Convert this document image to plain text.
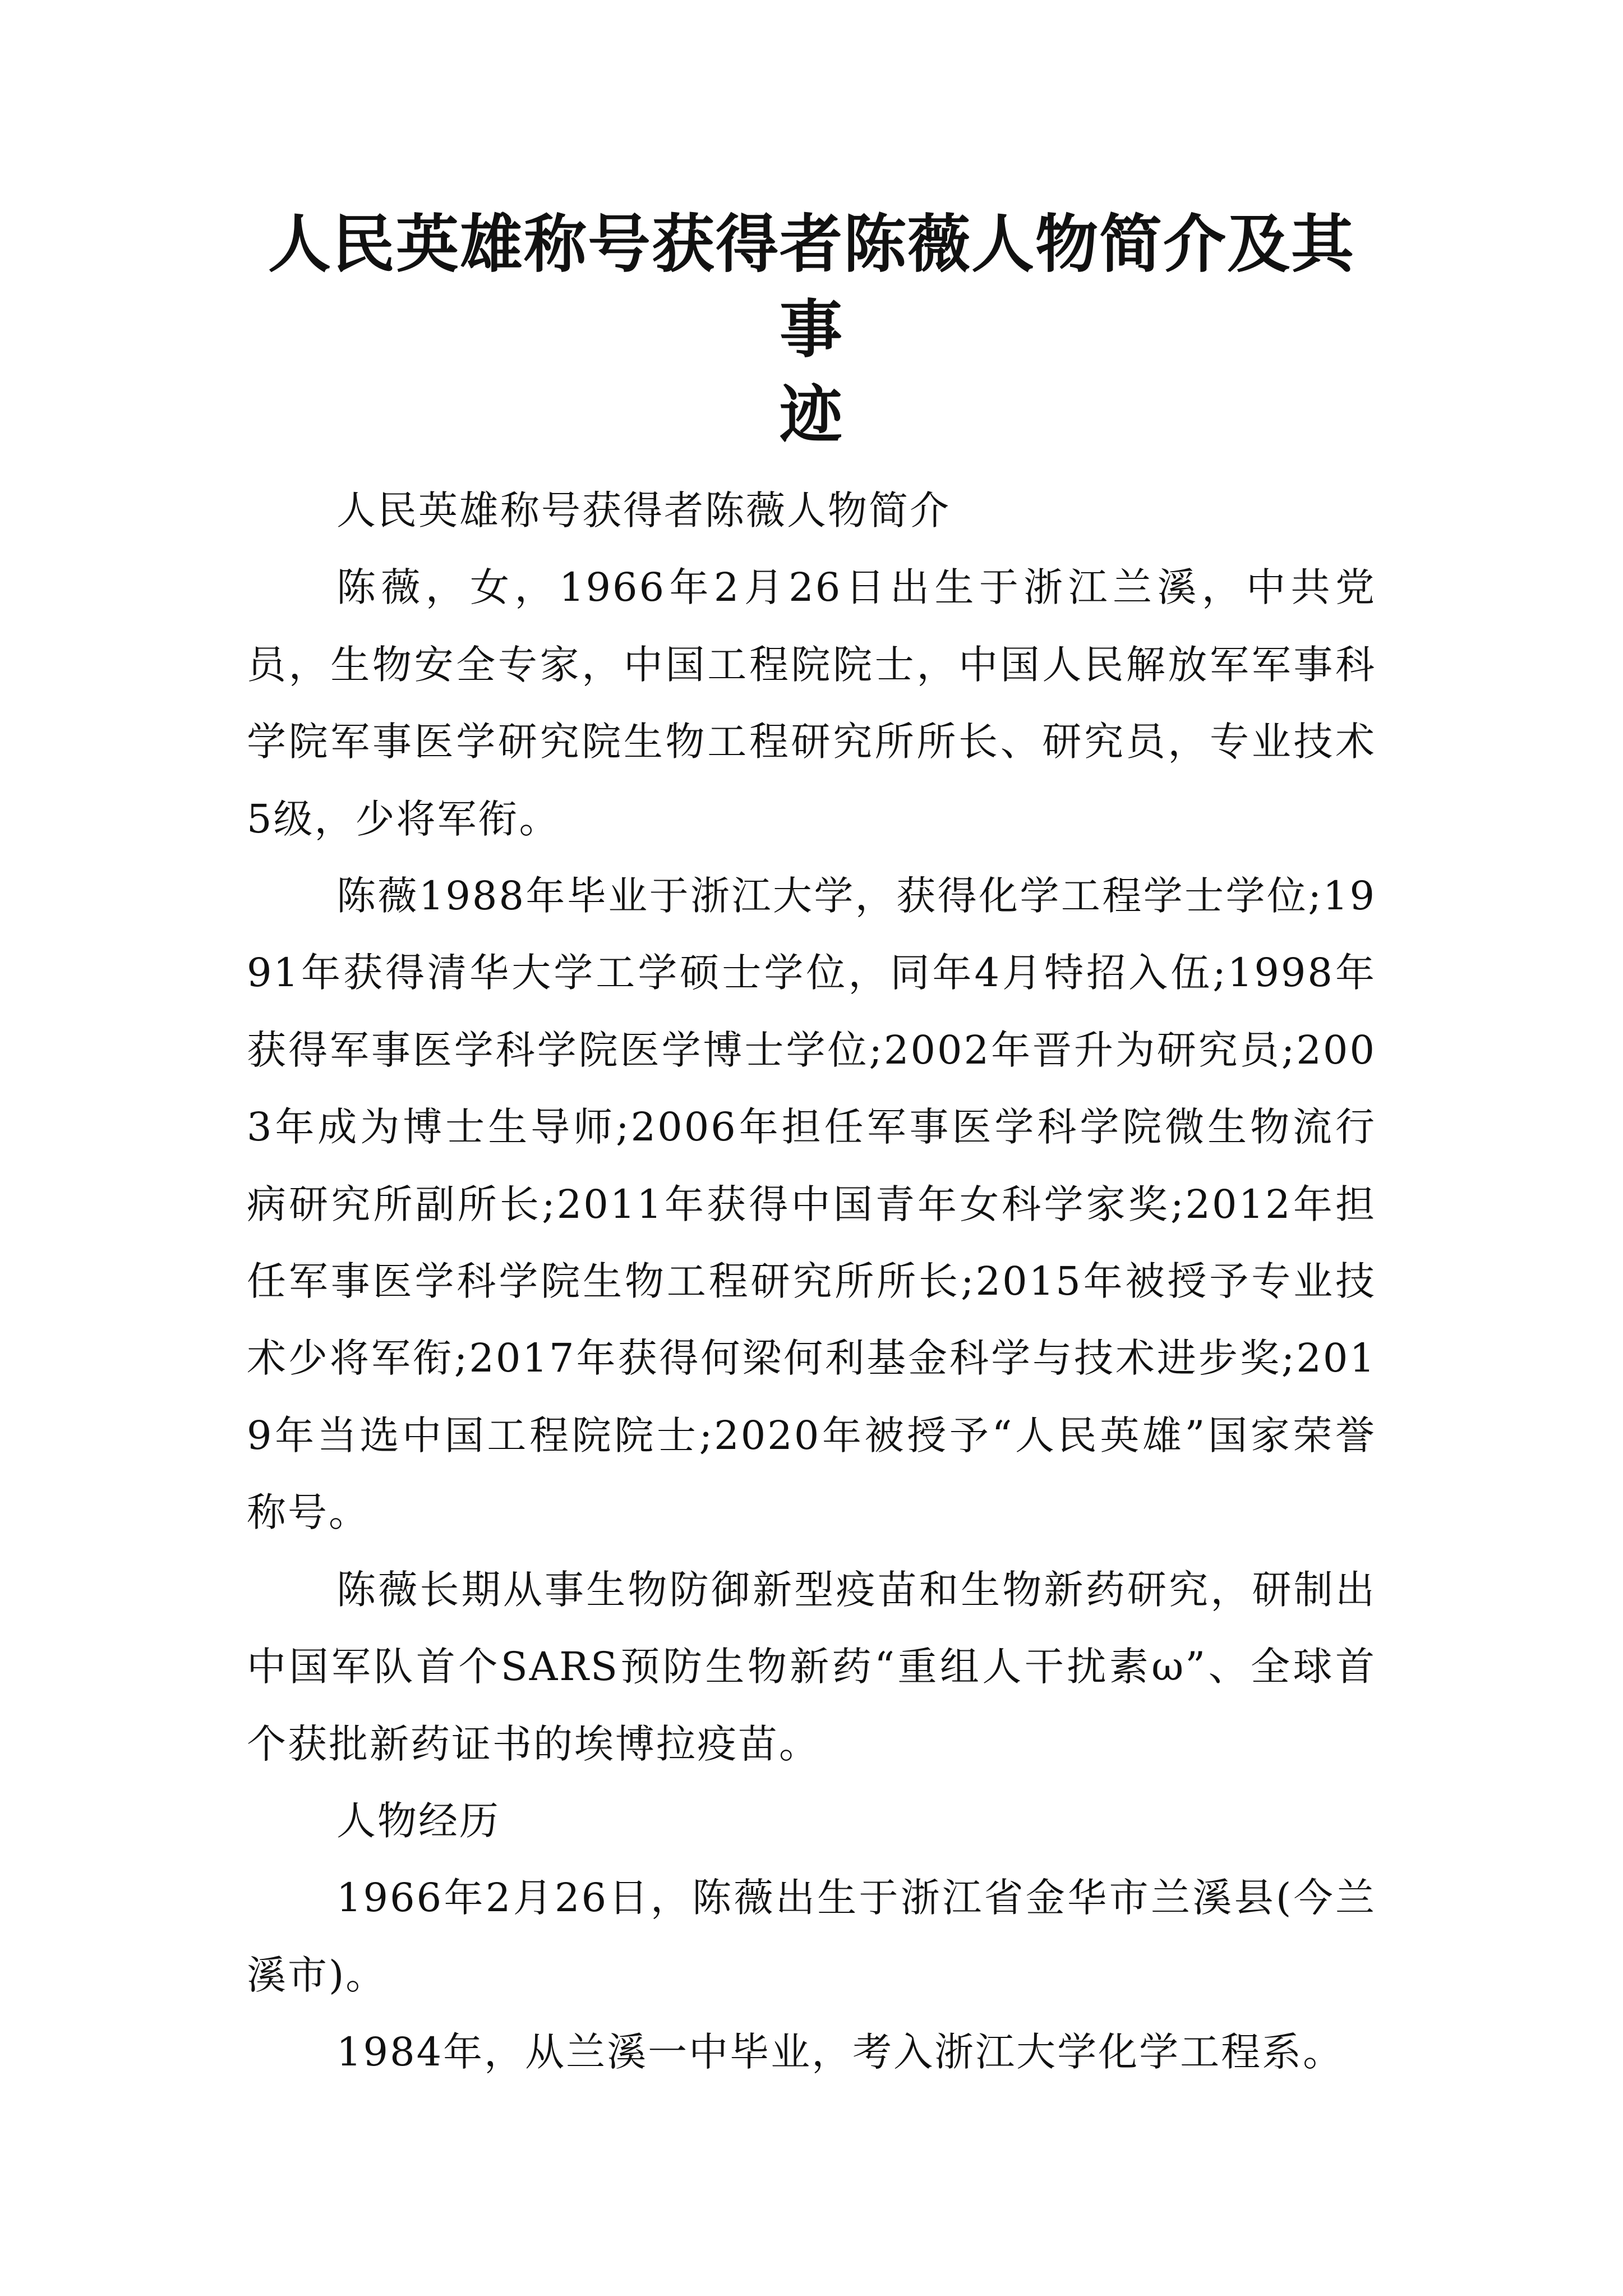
人民英雄称号获得者陈薇人物简介及其事
迹

人民英雄称号获得者陈薇人物简介

陈薇，女，1966年2月26日出生于浙江兰溪，中共党员，生物安全专家，中国工程院院士，中国人民解放军军事科学院军事医学研究院生物工程研究所所长、研究员，专业技术5级，少将军衔。

陈薇1988年毕业于浙江大学，获得化学工程学士学位;1991年获得清华大学工学硕士学位，同年4月特招入伍;1998年获得军事医学科学院医学博士学位;2002年晋升为研究员;2003年成为博士生导师;2006年担任军事医学科学院微生物流行病研究所副所长;2011年获得中国青年女科学家奖;2012年担任军事医学科学院生物工程研究所所长;2015年被授予专业技术少将军衔;2017年获得何梁何利基金科学与技术进步奖;2019年当选中国工程院院士;2020年被授予“人民英雄”国家荣誉称号。

陈薇长期从事生物防御新型疫苗和生物新药研究，研制出中国军队首个SARS预防生物新药“重组人干扰素ω”、全球首个获批新药证书的埃博拉疫苗。

人物经历

1966年2月26日，陈薇出生于浙江省金华市兰溪县(今兰溪市)。

1984年，从兰溪一中毕业，考入浙江大学化学工程系。
